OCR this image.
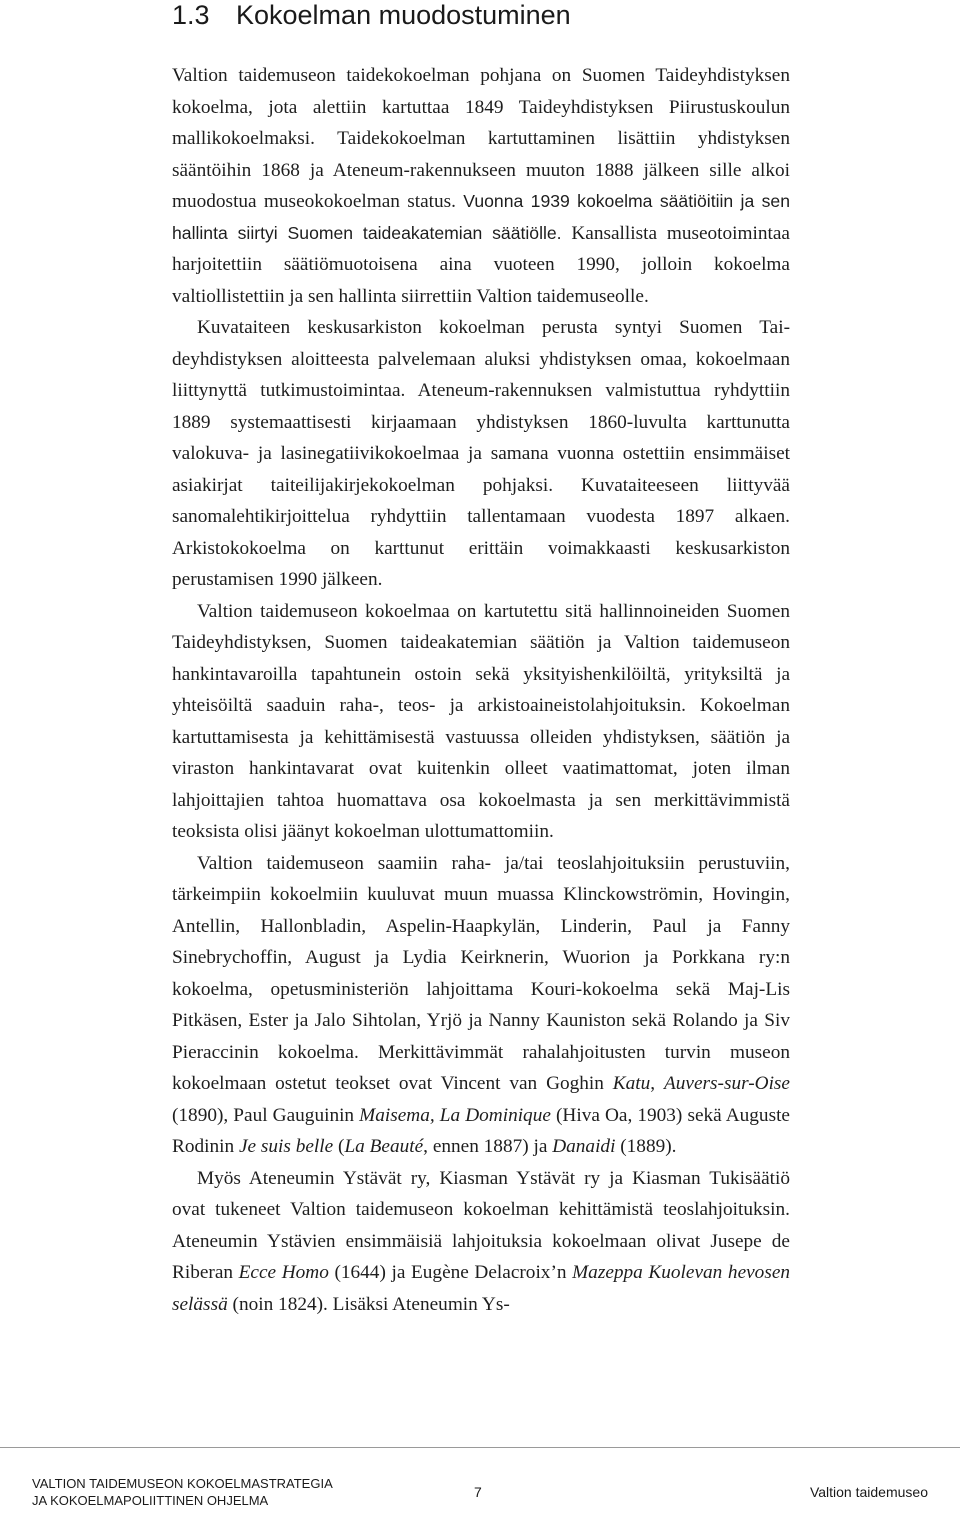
1.3 Kokoelman muodostuminen

Valtion taidemuseon taidekokoelman pohjana on Suomen Taideyhdistyksen kokoelma, jota alettiin kartuttaa 1849 Taideyhdistyksen Piirustuskoulun mallikokoelmaksi. Taidekokoelman kartuttaminen lisättiin yhdistyksen sääntöihin 1868 ja Ateneum-rakennukseen muuton 1888 jälkeen sille alkoi muodostua museokokoelman status. Vuonna 1939 kokoelma säätiöitiin ja sen hallinta siirtyi Suomen taideakatemian säätiölle. Kansallista museotoimintaa harjoitettiin säätiömuotoisena aina vuoteen 1990, jolloin kokoelma valtiollistettiin ja sen hallinta siirrettiin Valtion taidemuseolle.

Kuvataiteen keskusarkiston kokoelman perusta syntyi Suomen Taideyhdistyksen aloitteesta palvelemaan aluksi yhdistyksen omaa, kokoelmaan liittynyttä tutkimustoimintaa. Ateneum-rakennuksen valmistuttua ryhdyttiin 1889 systemaattisesti kirjaamaan yhdistyksen 1860-luvulta karttunutta valokuva- ja lasinegatiivikokoelmaa ja samana vuonna ostettiin ensimmäiset asiakirjat taiteilijakirjekokoelman pohjaksi. Kuvataiteeseen liittyvää sanomalehtikirjoittelua ryhdyttiin tallentamaan vuodesta 1897 alkaen. Arkistokokoelma on karttunut erittäin voimakkaasti keskusarkiston perustamisen 1990 jälkeen.

Valtion taidemuseon kokoelmaa on kartutettu sitä hallinnoineiden Suomen Taideyhdistyksen, Suomen taideakatemian säätiön ja Valtion taidemuseon hankintavaroilla tapahtunein ostoin sekä yksityishenkilöiltä, yrityksiltä ja yhteisöiltä saaduin raha-, teos- ja arkistoaineistolahjoituksin. Kokoelman kartuttamisesta ja kehittämisestä vastuussa olleiden yhdistyksen, säätiön ja viraston hankintavarat ovat kuitenkin olleet vaatimattomat, joten ilman lahjoittajien tahtoa huomattava osa kokoelmasta ja sen merkittävimmistä teoksista olisi jäänyt kokoelman ulottumattomiin.

Valtion taidemuseon saamiin raha- ja/tai teoslahjoituksiin perustuviin, tärkeimpiin kokoelmiin kuuluvat muun muassa Klinckowströmin, Hovingin, Antellin, Hallonbladin, Aspelin-Haapkylän, Linderin, Paul ja Fanny Sinebrychoffin, August ja Lydia Keirknerin, Wuorion ja Porkkana ry:n kokoelma, opetusministeriön lahjoittama Kouri-kokoelma sekä Maj-Lis Pitkäsen, Ester ja Jalo Sihtolan, Yrjö ja Nanny Kauniston sekä Rolando ja Siv Pieraccinin kokoelma. Merkittävimmät rahalahjoitusten turvin museon kokoelmaan ostetut teokset ovat Vincent van Goghin Katu, Auvers-sur-Oise (1890), Paul Gauguinin Maisema, La Dominique (Hiva Oa, 1903) sekä Auguste Rodinin Je suis belle (La Beauté, ennen 1887) ja Danaidi (1889).

Myös Ateneumin Ystävät ry, Kiasman Ystävät ry ja Kiasman Tukisäätiö ovat tukeneet Valtion taidemuseon kokoelman kehittämistä teoslahjoituksin. Ateneumin Ystävien ensimmäisiä lahjoituksia kokoelmaan olivat Jusepe de Riberan Ecce Homo (1644) ja Eugène Delacroix’n Mazeppa Kuolevan hevosen selässä (noin 1824). Lisäksi Ateneumin Ys-

VALTION TAIDEMUSEON KOKOELMASTRATEGIA
JA KOKOELMAPOLIITTINEN OHJELMA
7	Valtion taidemuseo
